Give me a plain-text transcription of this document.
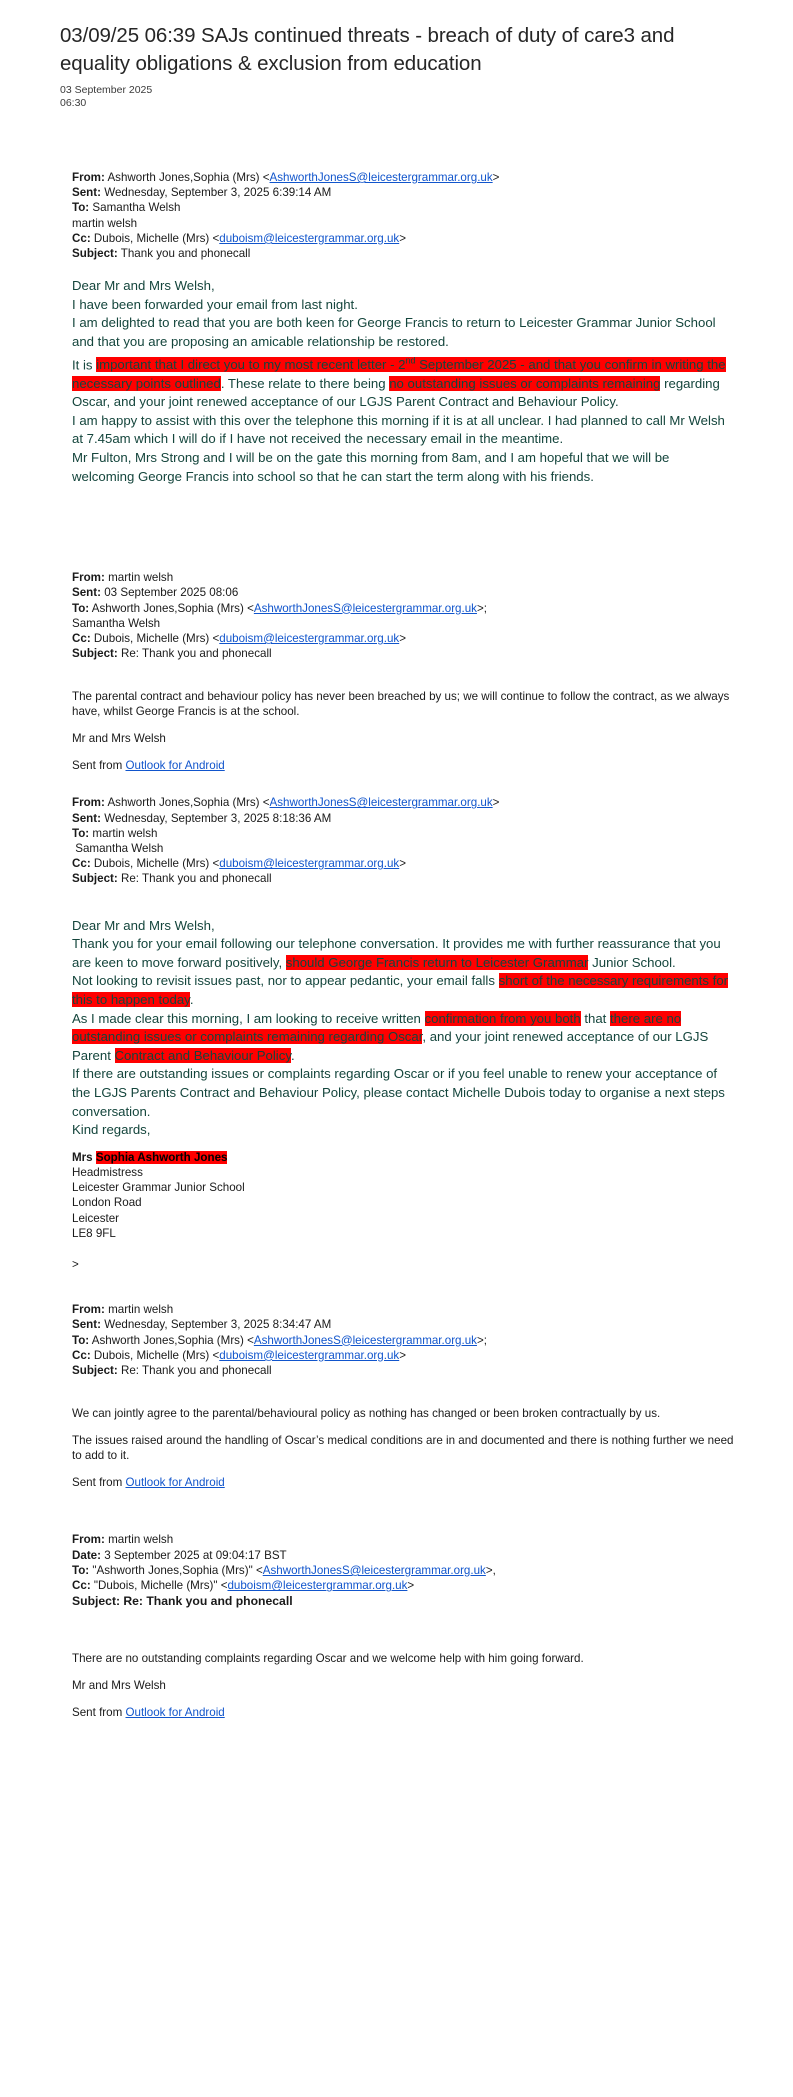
03/09/25 06:39 SAJs continued threats - breach of duty of care3 and equality obligations & exclusion from education
03 September 2025
06:30
From: Ashworth Jones,Sophia (Mrs) <AshworthJonesS@leicestergrammar.org.uk>
Sent: Wednesday, September 3, 2025 6:39:14 AM
To: Samantha Welsh
martin welsh
Cc: Dubois, Michelle (Mrs) <duboism@leicestergrammar.org.uk>
Subject: Thank you and phonecall

Dear Mr and Mrs Welsh,

I have been forwarded your email from last night.

I am delighted to read that you are both keen for George Francis to return to Leicester Grammar Junior School and that you are proposing an amicable relationship be restored.

It is important that I direct you to my most recent letter - 2nd September 2025 - and that you confirm in writing the necessary points outlined. These relate to there being no outstanding issues or complaints remaining regarding Oscar, and your joint renewed acceptance of our LGJS Parent Contract and Behaviour Policy.

I am happy to assist with this over the telephone this morning if it is at all unclear. I had planned to call Mr Welsh at 7.45am which I will do if I have not received the necessary email in the meantime.

Mr Fulton, Mrs Strong and I will be on the gate this morning from 8am, and I am hopeful that we will be welcoming George Francis into school so that he can start the term along with his friends.

From: martin welsh
Sent: 03 September 2025 08:06
To: Ashworth Jones,Sophia (Mrs) <AshworthJonesS@leicestergrammar.org.uk>;
Samantha Welsh
Cc: Dubois, Michelle (Mrs) <duboism@leicestergrammar.org.uk>
Subject: Re: Thank you and phonecall

The parental contract and behaviour policy has never been breached by us; we will continue to follow the contract, as we always have, whilst George Francis is at the school.

Mr and Mrs Welsh

Sent from Outlook for Android

From: Ashworth Jones,Sophia (Mrs) <AshworthJonesS@leicestergrammar.org.uk>
Sent: Wednesday, September 3, 2025 8:18:36 AM
To: martin welsh
Samantha Welsh
Cc: Dubois, Michelle (Mrs) <duboism@leicestergrammar.org.uk>
Subject: Re: Thank you and phonecall

Dear Mr and Mrs Welsh,

Thank you for your email following our telephone conversation. It provides me with further reassurance that you are keen to move forward positively, should George Francis return to Leicester Grammar Junior School.

Not looking to revisit issues past, nor to appear pedantic, your email falls short of the necessary requirements for this to happen today.

As I made clear this morning, I am looking to receive written confirmation from you both that there are no outstanding issues or complaints remaining regarding Oscar, and your joint renewed acceptance of our LGJS Parent Contract and Behaviour Policy.

If there are outstanding issues or complaints regarding Oscar or if you feel unable to renew your acceptance of the LGJS Parents Contract and Behaviour Policy, please contact Michelle Dubois today to organise a next steps conversation.

Kind regards,

Mrs Sophia Ashworth Jones
Headmistress
Leicester Grammar Junior School
London Road
Leicester
LE8 9FL
>
From: martin welsh
Sent: Wednesday, September 3, 2025 8:34:47 AM
To: Ashworth Jones,Sophia (Mrs) <AshworthJonesS@leicestergrammar.org.uk>;
Cc: Dubois, Michelle (Mrs) <duboism@leicestergrammar.org.uk>
Subject: Re: Thank you and phonecall

We can jointly agree to the parental/behavioural policy as nothing has changed or been broken contractually by us.

The issues raised around the handling of Oscar’s medical conditions are in and documented and there is nothing further we need to add to it.

Sent from Outlook for Android

From: martin welsh
Date: 3 September 2025 at 09:04:17 BST
To: "Ashworth Jones,Sophia (Mrs)" <AshworthJonesS@leicestergrammar.org.uk>,
Cc: "Dubois, Michelle (Mrs)" <duboism@leicestergrammar.org.uk>
Subject: Re: Thank you and phonecall

There are no outstanding complaints regarding Oscar and we welcome help with him going forward.

Mr and Mrs Welsh

Sent from Outlook for Android
